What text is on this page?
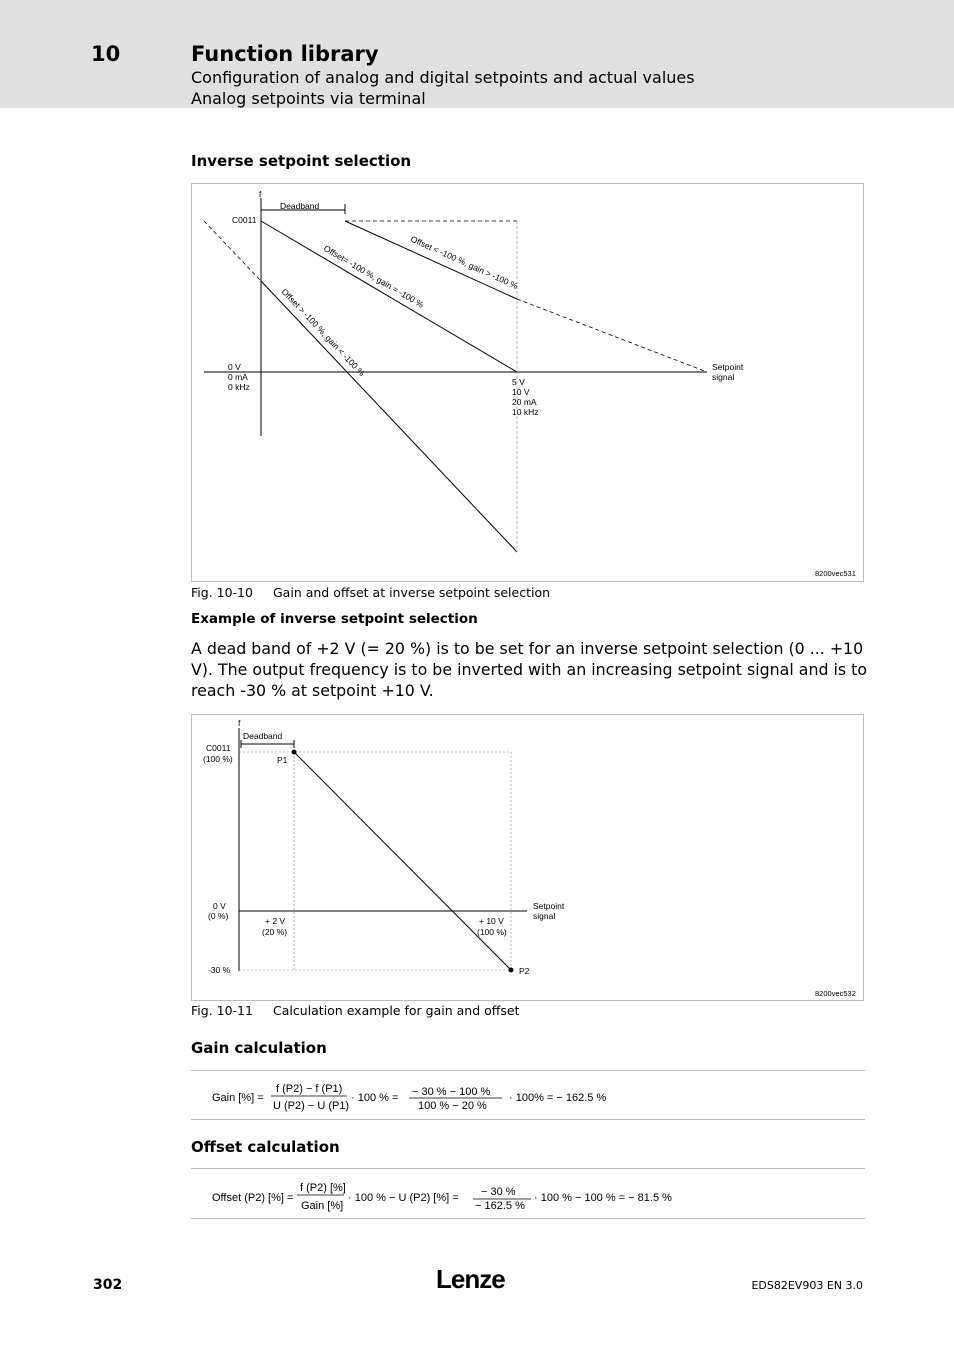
10	Function library
Configuration of analog and digital setpoints and actual values
Analog setpoints via terminal
Inverse setpoint selection
f
Deadband
C0011
Offset < -100 %, gain > -100 %
Offset= -100 %, gain = -100 %
Offset > -100 %, gain < -100 %
0 V
0 mA
0 kHz	5 V
10 V
20 mA
10 kHz
Setpoint
signal
8200vec531
Fig. 10-10 Gain and offset at inverse setpoint selection
Example of inverse setpoint selection
A dead band of +2 V (= 20 %) is to be set for an inverse setpoint selection (0 ... +10 V). The output frequency is to be inverted with an increasing setpoint signal and is to reach -30 % at setpoint +10 V.
f
Deadband
C0011
(100 %)	P1
P2
0 V
(0 %)	+ 2 V
(20 %)
+ 10 V
(100 %)
-30 %
Setpoint
signal
8200vec532
Fig. 10-11 Calculation example for gain and offset
Gain calculation
Gain [%] =
f (P2) − f (P1)
U (P2) − U (P1)
· 100 % = − 30 % − 100 %
100 % − 20 %
· 100% = − 162.5 %
Offset calculation
Offset (P2) [%] =
f (P2) [%]
Gain [%]
· 100 % − U (P2) [%] = − 30 %
− 162.5 %
· 100 % − 100 % = − 81.5 %
302	Lenze	EDS82EV903 EN 3.0
